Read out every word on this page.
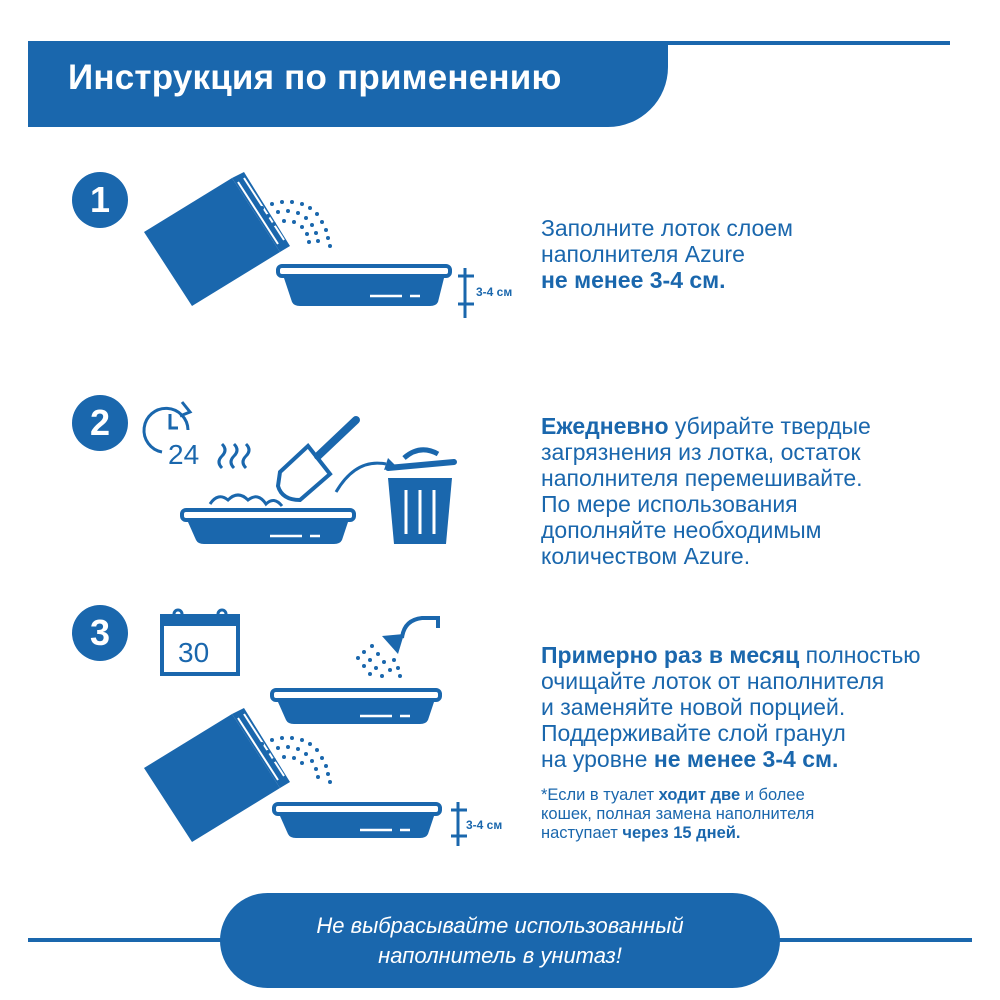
Инструкция по применению
1
3-4 см
Заполните лоток слоем
наполнителя Azure
не менее 3-4 см.
2
24
Ежедневно убирайте твердые
загрязнения из лотка, остаток
наполнителя перемешивайте.
По мере использования
дополняйте необходимым
количеством Azure.
3	30
3-4 см
Примерно раз в месяц полностью
очищайте лоток от наполнителя
и заменяйте новой порцией.
Поддерживайте слой гранул
на уровне не менее 3-4 см.
*Если в туалет ходит две и более
кошек, полная замена наполнителя
наступает через 15 дней.
Не выбрасывайте использованный
наполнитель в унитаз!
